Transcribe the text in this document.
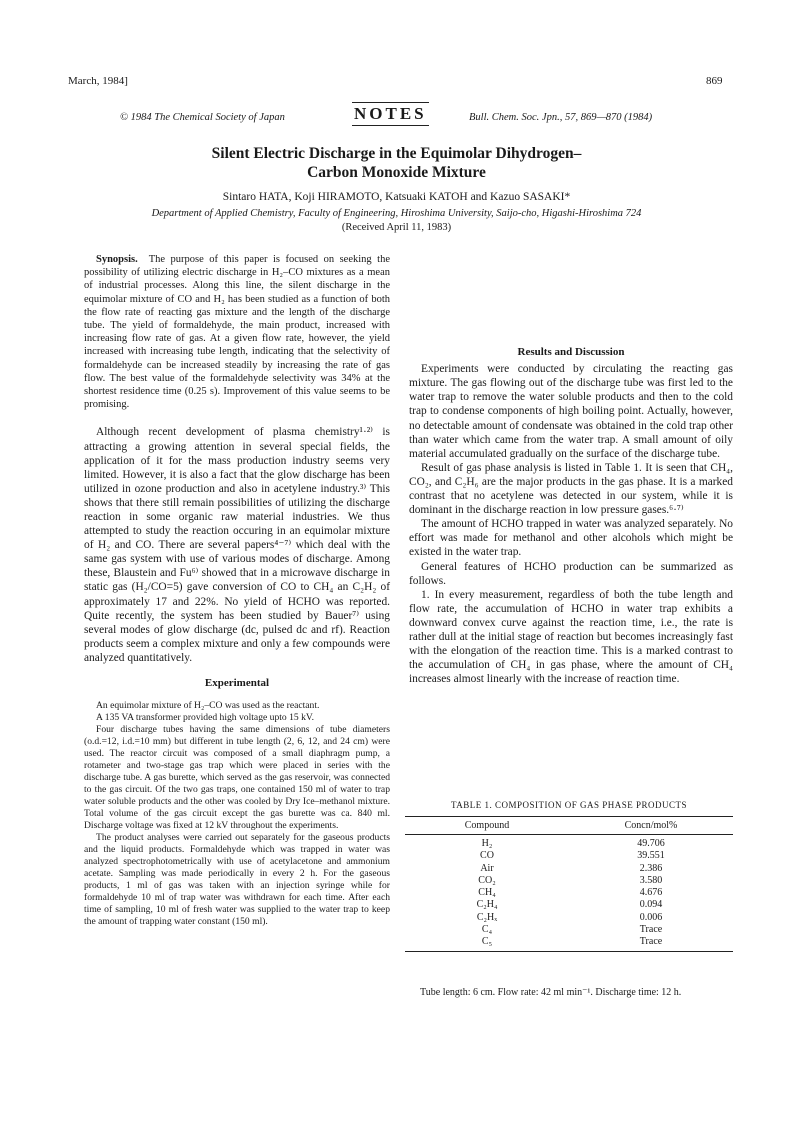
March, 1984]	869
© 1984 The Chemical Society of Japan	NOTES	Bull. Chem. Soc. Jpn., 57, 869—870 (1984)
Silent Electric Discharge in the Equimolar Dihydrogen–
Carbon Monoxide Mixture
Sintaro HATA, Koji HIRAMOTO, Katsuaki KATOH and Kazuo SASAKI*
Department of Applied Chemistry, Faculty of Engineering, Hiroshima University, Saijo-cho, Higashi-Hiroshima 724
(Received April 11, 1983)

Synopsis. The purpose of this paper is focused on seeking the possibility of utilizing electric discharge in H₂–CO mixtures as a mean of industrial processes. Along this line, the silent discharge in the equimolar mixture of CO and H₂ has been studied as a function of both the flow rate of reacting gas mixture and the length of the discharge tube. The yield of formaldehyde, the main product, increased with increasing flow rate of gas. At a given flow rate, however, the yield increased with increasing tube length, indicating that the selectivity of formaldehyde can be increased steadily by increasing the rate of gas flow. The best value of the formaldehyde selectivity was 34% at the shortest residence time (0.25 s). Improvement of this value seems to be promising.

Although recent development of plasma chemistry¹·²⁾ is attracting a growing attention in several special fields, the application of it for the mass production industry seems very limited. However, it is also a fact that the glow discharge has been utilized in ozone production and also in acetylene industry.³⁾ This shows that there still remain possibilities of utilizing the discharge reaction in some organic raw material industries. We thus attempted to study the reaction occuring in an equimolar mixture of H₂ and CO. There are several papers⁴⁻⁷⁾ which deal with the same gas system with use of various modes of discharge. Among these, Blaustein and Fu⁶⁾ showed that in a microwave discharge in static gas (H₂/CO=5) gave conversion of CO to CH₄ an C₂H₂ of approximately 17 and 22%. No yield of HCHO was reported. Quite recently, the system has been studied by Bauer⁷⁾ using several modes of glow discharge (dc, pulsed dc and rf). Reaction products seem a complex mixture and only a few compounds were analyzed quantitatively.

Experimental

An equimolar mixture of H₂–CO was used as the reactant.

A 135 VA transformer provided high voltage upto 15 kV.

Four discharge tubes having the same dimensions of tube diameters (o.d.=12, i.d.=10 mm) but different in tube length (2, 6, 12, and 24 cm) were used. The reactor circuit was composed of a small diaphragm pump, a rotameter and two-stage gas trap which were placed in series with the discharge tube. A gas burette, which served as the gas reservoir, was connected to the gas circuit. Of the two gas traps, one contained 150 ml of water to trap water soluble products and the other was cooled by Dry Ice–methanol mixture. Total volume of the gas circuit except the gas burette was ca. 840 ml. Discharge voltage was fixed at 12 kV throughout the experiments.

The product analyses were carried out separately for the gaseous products and the liquid products. Formaldehyde which was trapped in water was analyzed spectrophotometrically with use of acetylacetone and ammonium acetate. Sampling was made periodically in every 2 h. For the gaseous products, 1 ml of gas was taken with an injection syringe while for formaldehyde 10 ml of trap water was withdrawn for each time. After each time of sampling, 10 ml of fresh water was supplied to the water trap to keep the amount of trapping water constant (150 ml).

Results and Discussion

Experiments were conducted by circulating the reacting gas mixture. The gas flowing out of the discharge tube was first led to the water trap to remove the water soluble products and then to the cold trap to condense components of high boiling point. Actually, however, no detectable amount of condensate was obtained in the cold trap other than water which came from the water trap. A small amount of oily material accumulated gradually on the surface of the discharge tube.

Result of gas phase analysis is listed in Table 1. It is seen that CH₄, CO₂, and C₂H₆ are the major products in the gas phase. It is a marked contrast that no acetylene was detected in our system, while it is dominant in the discharge reaction in low pressure gases.⁶·⁷⁾

The amount of HCHO trapped in water was analyzed separately. No effort was made for methanol and other alcohols which might be existed in the water trap.

General features of HCHO production can be summarized as follows.

1. In every measurement, regardless of both the tube length and flow rate, the accumulation of HCHO in water trap exhibits a downward convex curve against the reaction time, i.e., the rate is rather dull at the initial stage of reaction but becomes increasingly fast with the elongation of the reaction time. This is a marked contrast to the accumulation of CH₄ in gas phase, where the amount of CH₄ increases almost linearly with the increase of reaction time.

TABLE 1. COMPOSITION OF GAS PHASE PRODUCTS
Compound	Concn/mol%
H₂	49.706
CO	39.551
Air	2.386
CO₂	3.580
CH₄	4.676
C₂H₄	0.094
C₂Hₓ	0.006
C₄	Trace
C₅	Trace
Tube length: 6 cm. Flow rate: 42 ml min⁻¹. Discharge time: 12 h.
